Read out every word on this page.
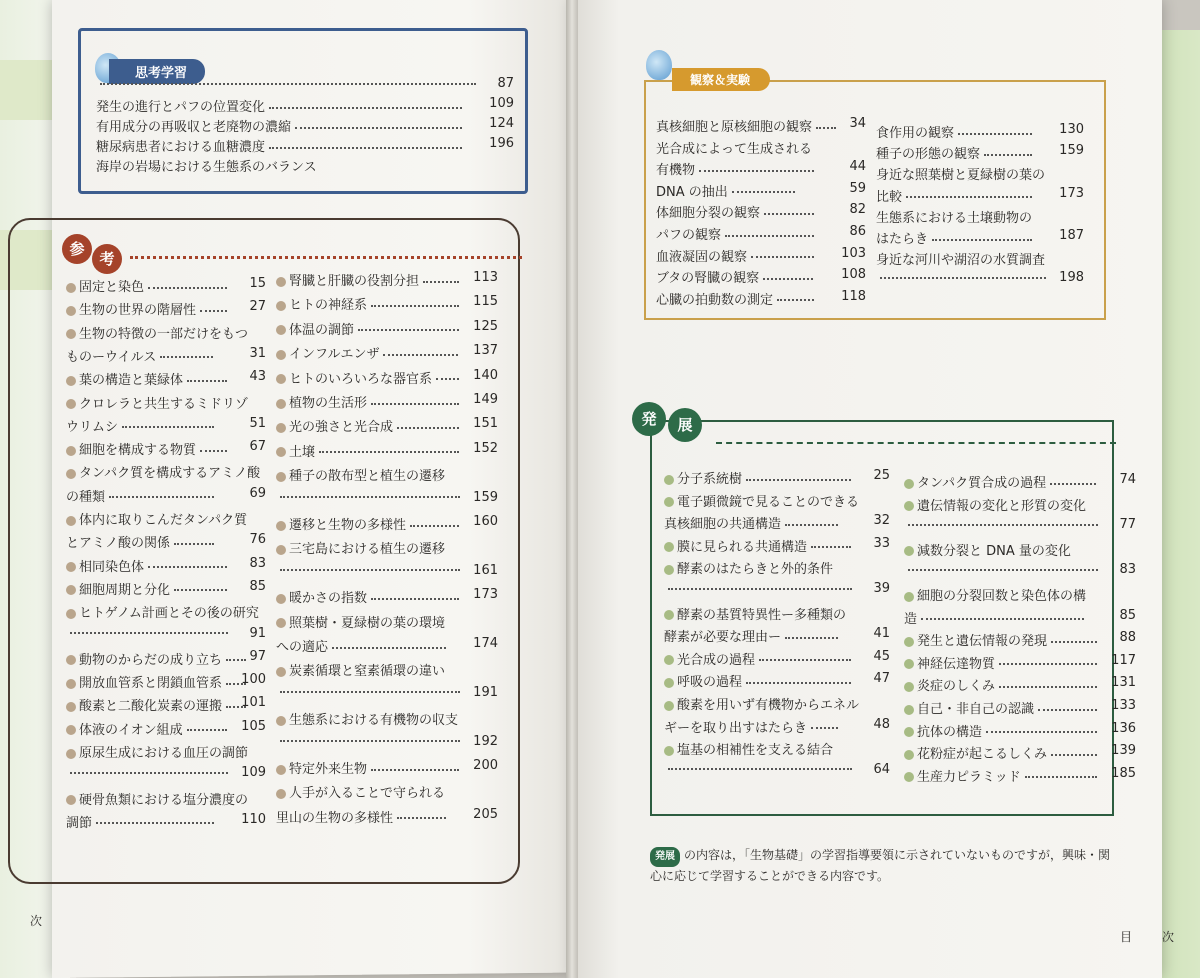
思考学習
87
発生の進行とパフの位置変化	109
有用成分の再吸収と老廃物の濃縮	124
糖尿病患者における血糖濃度	196
海岸の岩場における生態系のバランス
参
考
固定と染色	15
生物の世界の階層性	27
生物の特徴の一部だけをもつ
ものーウイルス	31
葉の構造と葉緑体	43
クロレラと共生するミドリゾ
ウリムシ	51
細胞を構成する物質	67
タンパク質を構成するアミノ酸
の種類	69
体内に取りこんだタンパク質
とアミノ酸の関係	76
相同染色体	83
細胞周期と分化	85
ヒトゲノム計画とその後の研究
91
動物のからだの成り立ち 97
開放血管系と閉鎖血管系 100
酸素と二酸化炭素の運搬 101
体液のイオン組成	105
原尿生成における血圧の調節
109
硬骨魚類における塩分濃度の
調節	110
腎臓と肝臓の役割分担	113
ヒトの神経系	115
体温の調節	125
インフルエンザ	137
ヒトのいろいろな器官系	140
植物の生活形	149
光の強さと光合成	151
土壌	152
種子の散布型と植生の遷移
159
遷移と生物の多様性	160
三宅島における植生の遷移
161
暖かさの指数	173
照葉樹・夏緑樹の葉の環境
への適応	174
炭素循環と窒素循環の違い
191
生態系における有機物の収支
192
特定外来生物	200
人手が入ることで守られる
里山の生物の多様性	205
観察＆実験
真核細胞と原核細胞の観察	34
光合成によって生成される
有機物	44
DNA の抽出	59
体細胞分裂の観察	82
パフの観察	86
血液凝固の観察	103
ブタの腎臓の観察	108
心臓の拍動数の測定	118
食作用の観察	130
種子の形態の観察	159
身近な照葉樹と夏緑樹の葉の
比較	173
生態系における土壌動物の
はたらき	187
身近な河川や湖沼の水質調査
198
発	展
分子系統樹	25
電子顕微鏡で見ることのできる
真核細胞の共通構造	32
膜に見られる共通構造	33
酵素のはたらきと外的条件
39
酵素の基質特異性ー多種類の
酵素が必要な理由ー	41
光合成の過程	45
呼吸の過程	47
酸素を用いず有機物からエネル
ギーを取り出すはたらき	48
塩基の相補性を支える結合
64
タンパク質合成の過程	74
遺伝情報の変化と形質の変化
77
減数分裂と DNA 量の変化
83
細胞の分裂回数と染色体の構
造	85
発生と遺伝情報の発現	88
神経伝達物質	117
炎症のしくみ	131
自己・非自己の認識	133
抗体の構造	136
花粉症が起こるしくみ	139
生産力ピラミッド	185
発展 の内容は，「生物基礎」の学習指導要領に示されていないものですが，興味・関心に応じて学習することができる内容です。
次
目 次
